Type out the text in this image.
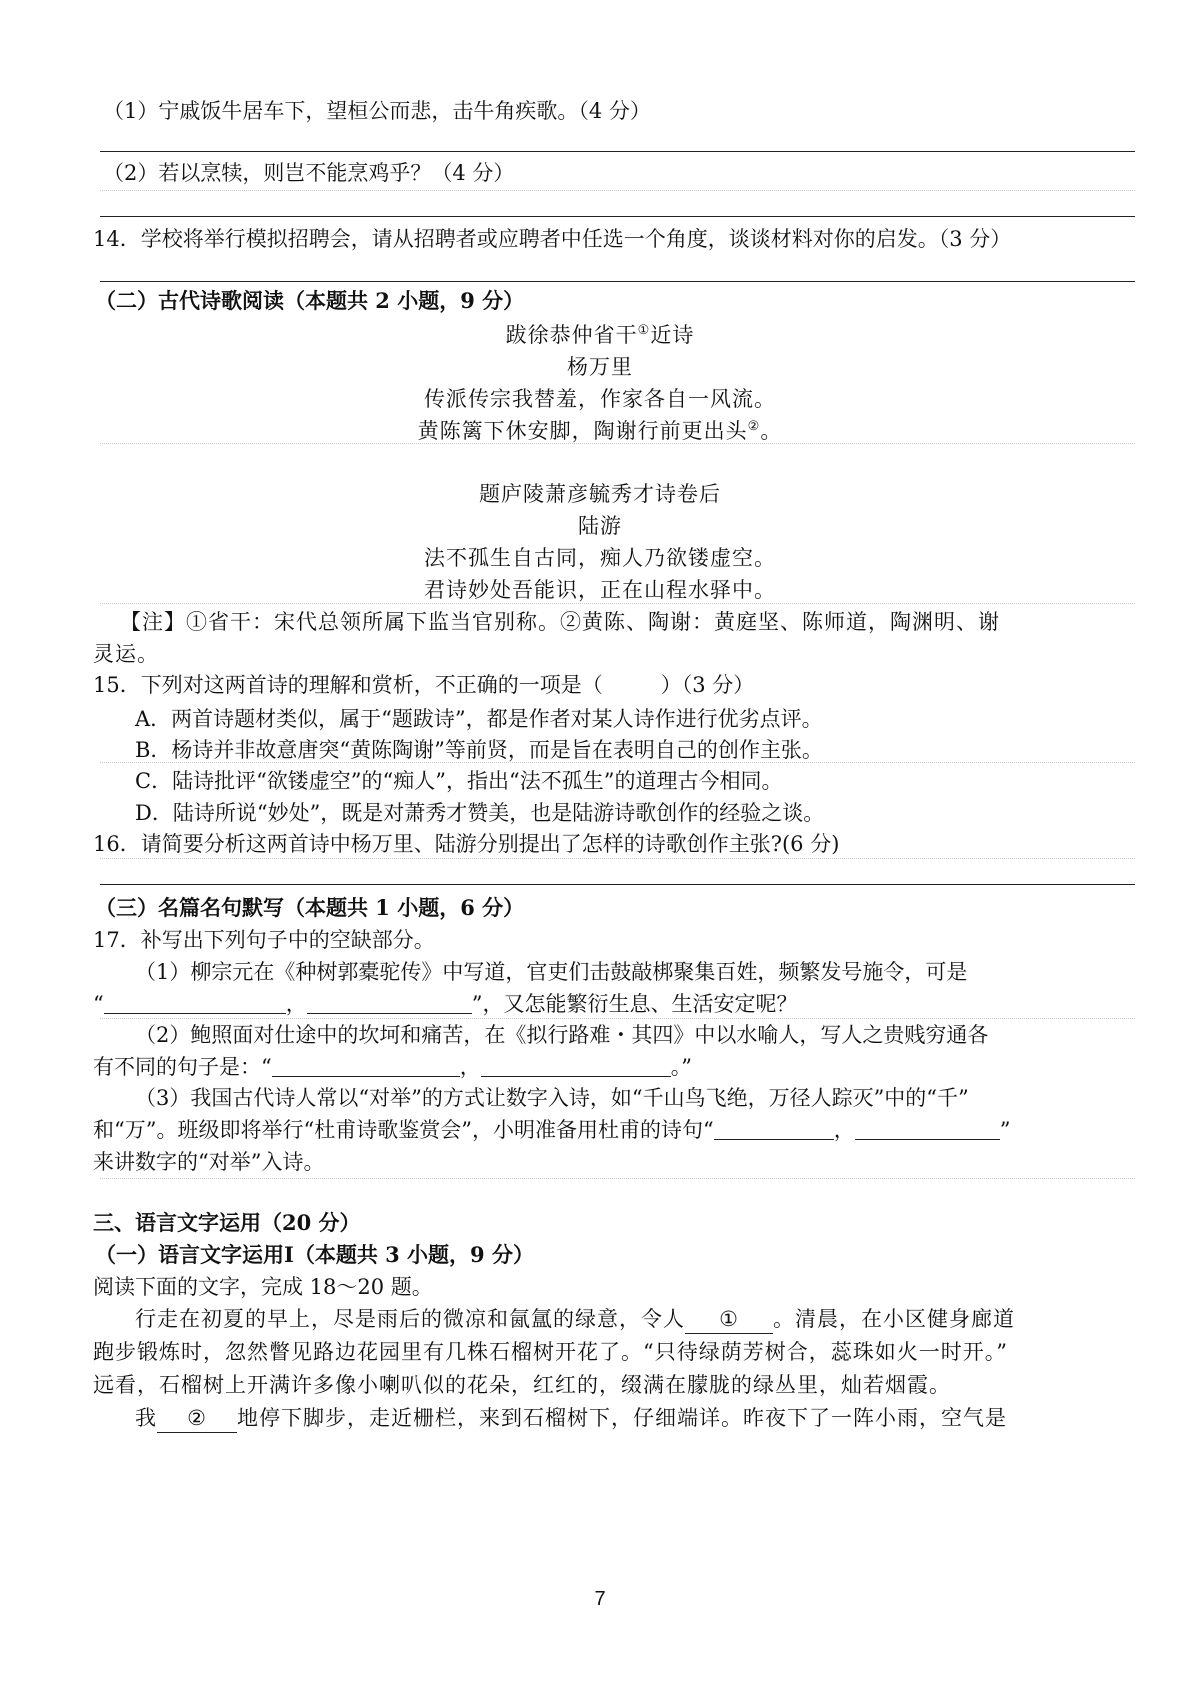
（1）宁戚饭牛居车下，望桓公而悲，击牛角疾歌。（4 分）
（2）若以烹犊，则岂不能烹鸡乎？（4 分）
14．学校将举行模拟招聘会，请从招聘者或应聘者中任选一个角度，谈谈材料对你的启发。（3 分）
（二）古代诗歌阅读（本题共 2 小题，9 分）
跋徐恭仲省干①近诗
杨万里
传派传宗我替羞，作家各自一风流。
黄陈篱下休安脚，陶谢行前更出头②。
题庐陵萧彦毓秀才诗卷后
陆游
法不孤生自古同，痴人乃欲镂虚空。
君诗妙处吾能识，正在山程水驿中。
【注】①省干：宋代总领所属下监当官别称。②黄陈、陶谢：黄庭坚、陈师道，陶渊明、谢
灵运。
15．下列对这两首诗的理解和赏析，不正确的一项是（	）（3 分）
A．两首诗题材类似，属于“题跋诗”，都是作者对某人诗作进行优劣点评。
B．杨诗并非故意唐突“黄陈陶谢”等前贤，而是旨在表明自己的创作主张。
C．陆诗批评“欲镂虚空”的“痴人”，指出“法不孤生”的道理古今相同。
D．陆诗所说“妙处”，既是对萧秀才赞美，也是陆游诗歌创作的经验之谈。
16．请简要分析这两首诗中杨万里、陆游分别提出了怎样的诗歌创作主张?(6 分)
（三）名篇名句默写（本题共 1 小题，6 分）
17．补写出下列句子中的空缺部分。
（1）柳宗元在《种树郭橐驼传》中写道，官吏们击鼓敲梆聚集百姓，频繁发号施令，可是
“	，	”，又怎能繁衍生息、生活安定呢？
（2）鲍照面对仕途中的坎坷和痛苦，在《拟行路难・其四》中以水喻人，写人之贵贱穷通各
有不同的句子是：“	，	。”
（3）我国古代诗人常以“对举”的方式让数字入诗，如“千山鸟飞绝，万径人踪灭”中的“千”
和“万”。班级即将举行“杜甫诗歌鉴赏会”，小明准备用杜甫的诗句“	，	”
来讲数字的“对举”入诗。
三、语言文字运用（20 分）
（一）语言文字运用Ⅰ（本题共 3 小题，9 分）
阅读下面的文字，完成 18～20 题。
行走在初夏的早上，尽是雨后的微凉和氤氲的绿意，令人 ① 。清晨，在小区健身廊道
跑步锻炼时，忽然瞥见路边花园里有几株石榴树开花了。“只待绿荫芳树合，蕊珠如火一时开。”
远看，石榴树上开满许多像小喇叭似的花朵，红红的，缀满在朦胧的绿丛里，灿若烟霞。
我 ② 地停下脚步，走近栅栏，来到石榴树下，仔细端详。昨夜下了一阵小雨，空气是
7
